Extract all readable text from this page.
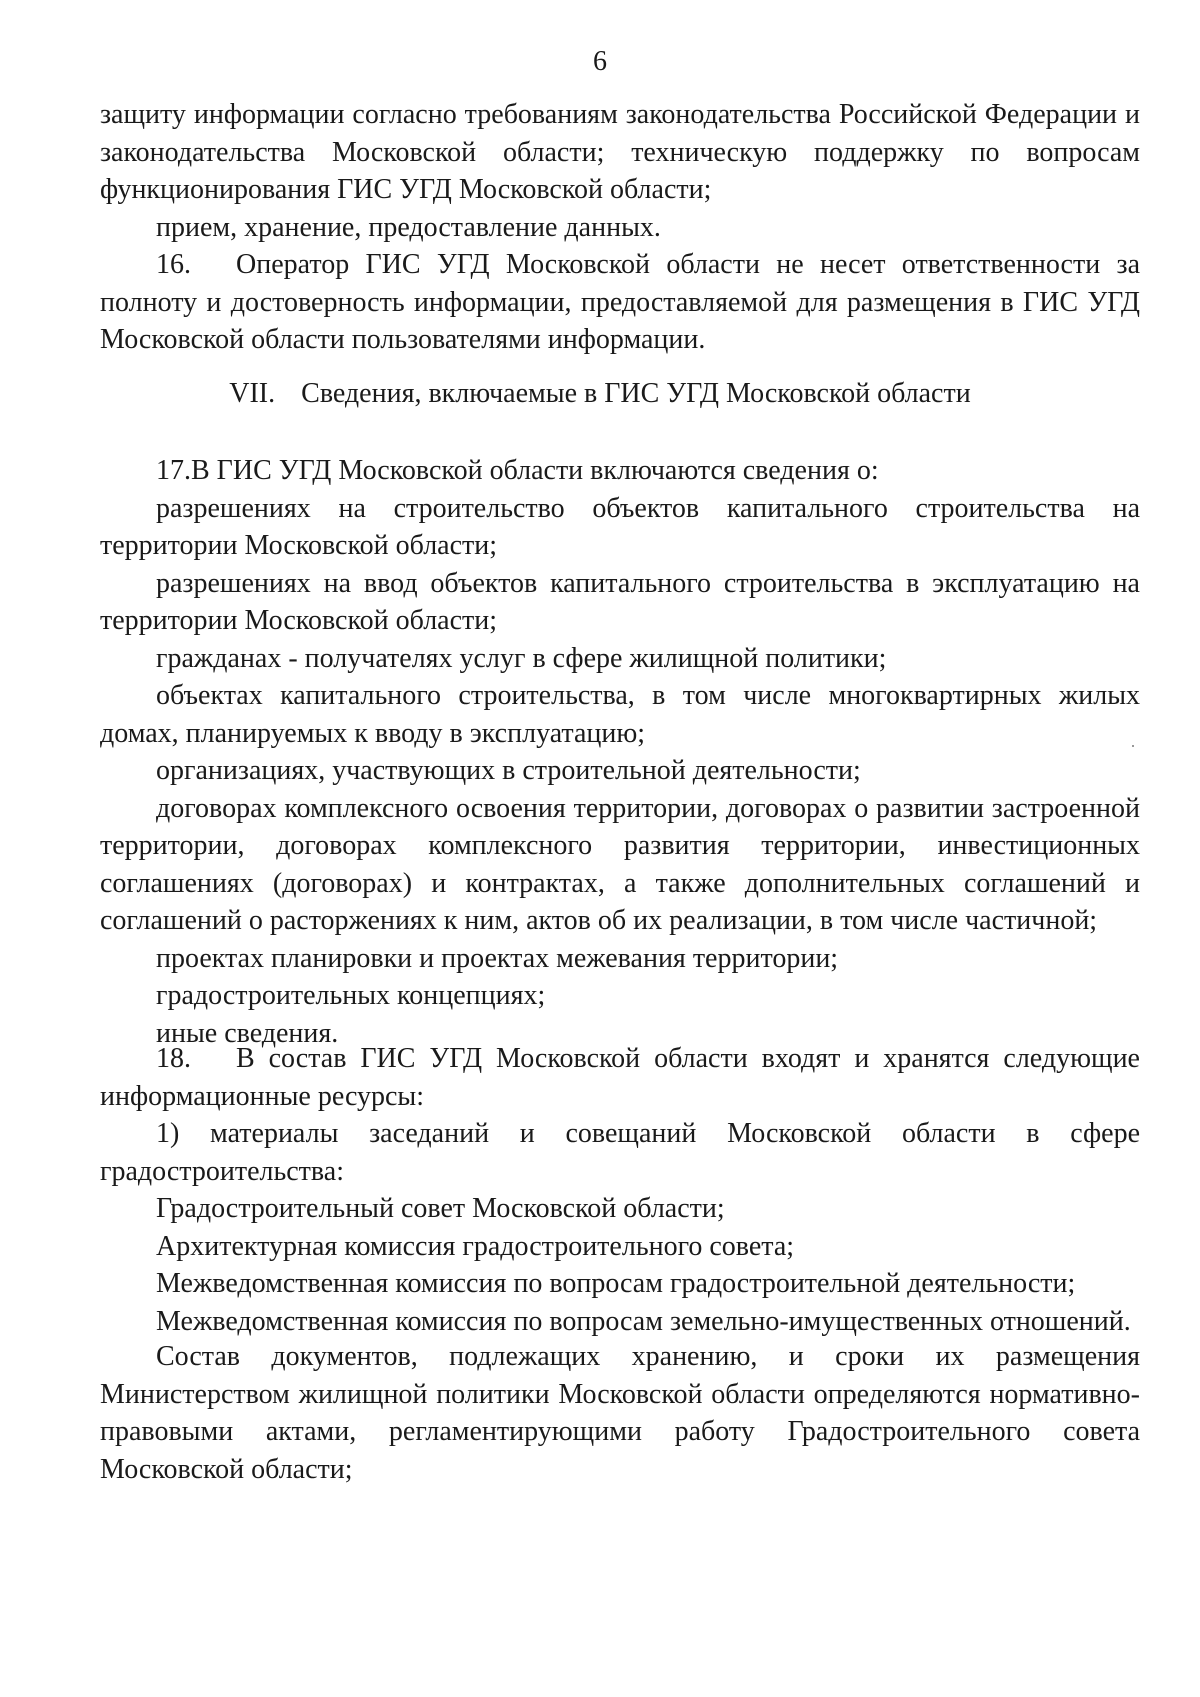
6

защиту информации согласно требованиям законодательства Российской Федерации и законодательства Московской области; техническую поддержку по вопросам функционирования ГИС УГД Московской области;

прием, хранение, предоставление данных.

16. Оператор ГИС УГД Московской области не несет ответственности за полноту и достоверность информации, предоставляемой для размещения в ГИС УГД Московской области пользователями информации.

VII. Сведения, включаемые в ГИС УГД Московской области

17.В ГИС УГД Московской области включаются сведения о:

разрешениях на строительство объектов капитального строительства на территории Московской области;

разрешениях на ввод объектов капитального строительства в эксплуатацию на территории Московской области;

гражданах - получателях услуг в сфере жилищной политики;

объектах капитального строительства, в том числе многоквартирных жилых домах, планируемых к вводу в эксплуатацию;

организациях, участвующих в строительной деятельности;

договорах комплексного освоения территории, договорах о развитии застроенной территории, договорах комплексного развития территории, инвестиционных соглашениях (договорах) и контрактах, а также дополнительных соглашений и соглашений о расторжениях к ним, актов об их реализации, в том числе частичной;

проектах планировки и проектах межевания территории;

градостроительных концепциях;

иные сведения.

18. В состав ГИС УГД Московской области входят и хранятся следующие информационные ресурсы:

1) материалы заседаний и совещаний Московской области в сфере градостроительства:

Градостроительный совет Московской области;

Архитектурная комиссия градостроительного совета;

Межведомственная комиссия по вопросам градостроительной деятельности;

Межведомственная комиссия по вопросам земельно-имущественных отношений.

Состав документов, подлежащих хранению, и сроки их размещения Министерством жилищной политики Московской области определяются нормативно-правовыми актами, регламентирующими работу Градостроительного совета Московской области;
